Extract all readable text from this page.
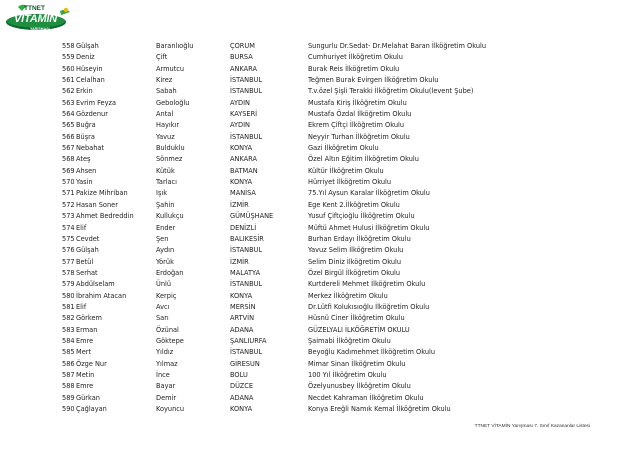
TTNET
VİTAMİN
YARIŞMASI
558 Gülşah	Baranlıoğlu	ÇORUM	Sungurlu Dr.Sedat- Dr.Melahat Baran İlköğretim Okulu
559 Deniz	Çift	BURSA	Cumhuriyet İlköğretim Okulu
560 Hüseyin	Armutcu	ANKARA	Burak Reis İlköğretim Okulu
561 Celalhan	Kirez	İSTANBUL	Teğmen Burak Evirgen İlköğretim Okulu
562 Erkin	Sabah	İSTANBUL	T.v.özel Şişli Terakki İlköğretim Okulu(levent Şube)
563 Evrim Feyza	Geboloğlu	AYDIN	Mustafa Kiriş İlköğretim Okulu
564 Gözdenur	Antal	KAYSERİ	Mustafa Özdal İlköğretim Okulu
565 Buğra	Hayıkır	AYDIN	Ekrem Çiftçi İlköğretim Okulu
566 Büşra	Yavuz	İSTANBUL	Neyyir Turhan İlköğretim Okulu
567 Nebahat	Bulduklu	KONYA	Gazi İlköğretim Okulu
568 Ateş	Sönmez	ANKARA	Özel Altın Eğitim İlköğretim Okulu
569 Ahsen	Kütük	BATMAN	Kültür İlköğretim Okulu
570 Yasin	Tarlacı	KONYA	Hürriyet İlköğretim Okulu
571 Pakize Mihriban	Işık	MANİSA	75.Yıl Aysun Karalar İlköğretim Okulu
572 Hasan Soner	Şahin	İZMİR	Ege Kent 2.İlköğretim Okulu
573 Ahmet Bedreddin	Kullukçu	GÜMÜŞHANE	Yusuf Çiftçioğlu İlköğretim Okulu
574 Elif	Ender	DENİZLİ	Müftü Ahmet Hulusi İlköğretim Okulu
575 Cevdet	Şen	BALIKESİR	Burhan Erdayı İlköğretim Okulu
576 Gülşah	Aydın	İSTANBUL	Yavuz Selim İlköğretim Okulu
577 Betül	Yörük	İZMİR	Selim Diniz İlköğretim Okulu
578 Serhat	Erdoğan	MALATYA	Özel Birgül İlköğretim Okulu
579 Abdülselam	Ünlü	İSTANBUL	Kurtdereli Mehmet İlköğretim Okulu
580 İbrahim Atacan	Kerpiç	KONYA	Merkez İlköğretim Okulu
581 Elif	Avcı	MERSİN	Dr.Lütfi Kolukısıoğlu İlköğretim Okulu
582 Görkem	Sarı	ARTVİN	Hüsnü Ciner İlköğretim Okulu
583 Erman	Özünal	ADANA	GÜZELYALI İLKÖĞRETİM OKULU
584 Emre	Göktepe	ŞANLIURFA	Şaimabi İlköğretim Okulu
585 Mert	Yıldız	İSTANBUL	Beyoğlu Kadımehmet İlköğretim Okulu
586 Özge Nur	Yılmaz	GİRESUN	Mimar Sinan İlköğretim Okulu
587 Metin	İnce	BOLU	100 Yıl İlköğretim Okulu
588 Emre	Bayar	DÜZCE	Özelyunusbey İlköğretim Okulu
589 Gürkan	Demir	ADANA	Necdet Kahraman İlköğretim Okulu
590 Çağlayan	Koyuncu	KONYA	Konya Ereğli Namık Kemal İlköğretim Okulu
TTNET VİTAMİN Yarışması 7. Sınıf Kazananlar Listesi
